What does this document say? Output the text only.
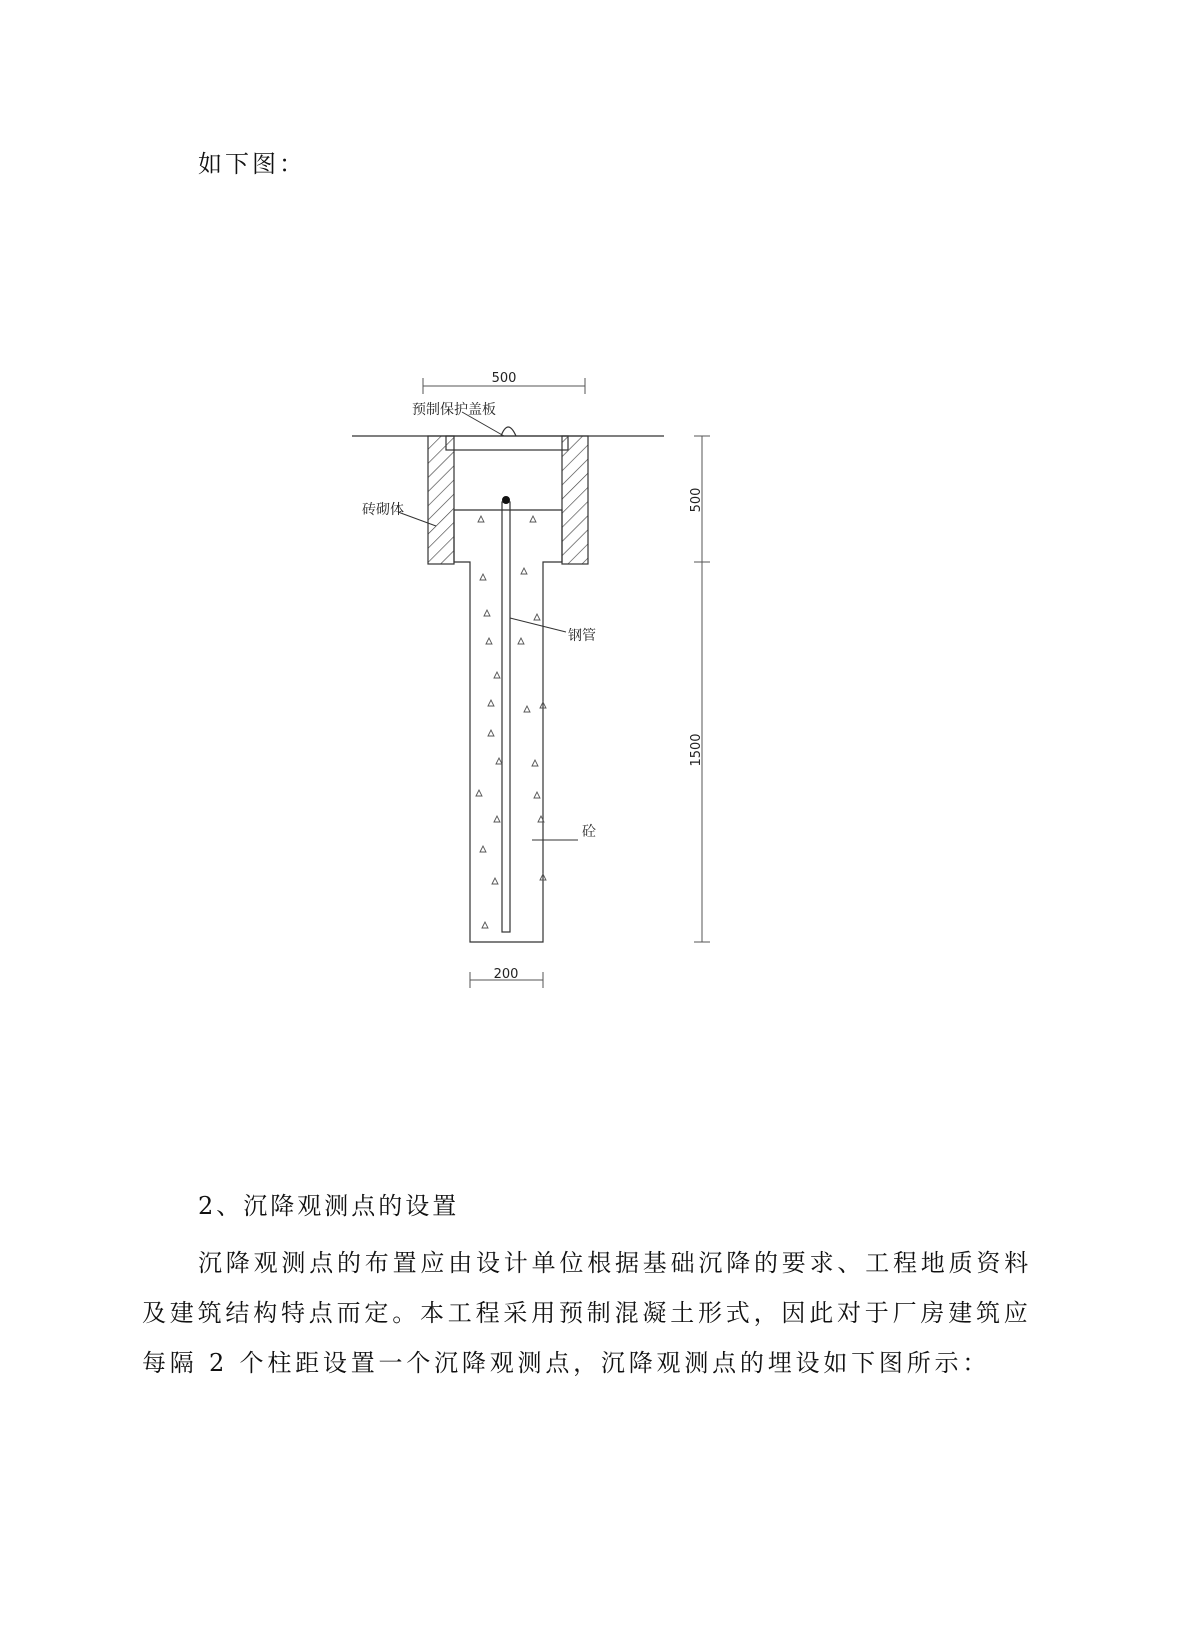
如下图：
500
预制保护盖板
砖砌体
钢管
砼
500
1500
200
2、沉降观测点的设置

沉降观测点的布置应由设计单位根据基础沉降的要求、工程地质资料及建筑结构特点而定。本工程采用预制混凝土形式，因此对于厂房建筑应每隔 2 个柱距设置一个沉降观测点，沉降观测点的埋设如下图所示：
